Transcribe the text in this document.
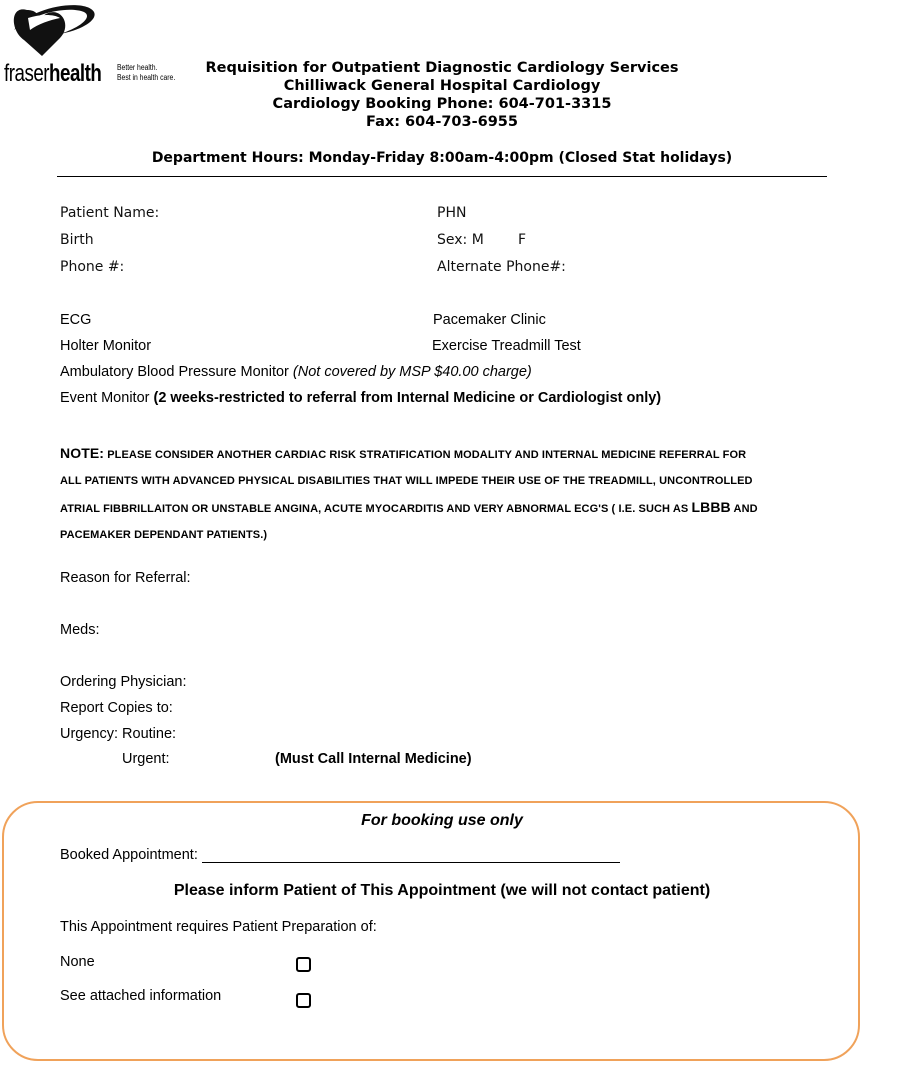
fraserhealth Better health.
Best in health care.
Requisition for Outpatient Diagnostic Cardiology Services
Chilliwack General Hospital Cardiology
Cardiology Booking Phone: 604-701-3315
Fax: 604-703-6955
Department Hours: Monday-Friday 8:00am-4:00pm (Closed Stat holidays)
Patient Name:	PHN
Birth	Sex: M F
Phone #:	Alternate Phone#:
ECG	Pacemaker Clinic
Holter Monitor	Exercise Treadmill Test
Ambulatory Blood Pressure Monitor (Not covered by MSP $40.00 charge)
Event Monitor (2 weeks-restricted to referral from Internal Medicine or Cardiologist only)
NOTE: PLEASE CONSIDER ANOTHER CARDIAC RISK STRATIFICATION MODALITY AND INTERNAL MEDICINE REFERRAL FOR
ALL PATIENTS WITH ADVANCED PHYSICAL DISABILITIES THAT WILL IMPEDE THEIR USE OF THE TREADMILL, UNCONTROLLED
ATRIAL FIBBRILLAITON OR UNSTABLE ANGINA, ACUTE MYOCARDITIS AND VERY ABNORMAL ECG'S ( I.E. SUCH AS LBBB AND
PACEMAKER DEPENDANT PATIENTS.)
Reason for Referral:
Meds:
Ordering Physician:
Report Copies to:
Urgency: Routine:
Urgent:	(Must Call Internal Medicine)
For booking use only
Booked Appointment:
Please inform Patient of This Appointment (we will not contact patient)
This Appointment requires Patient Preparation of:
None
See attached information
